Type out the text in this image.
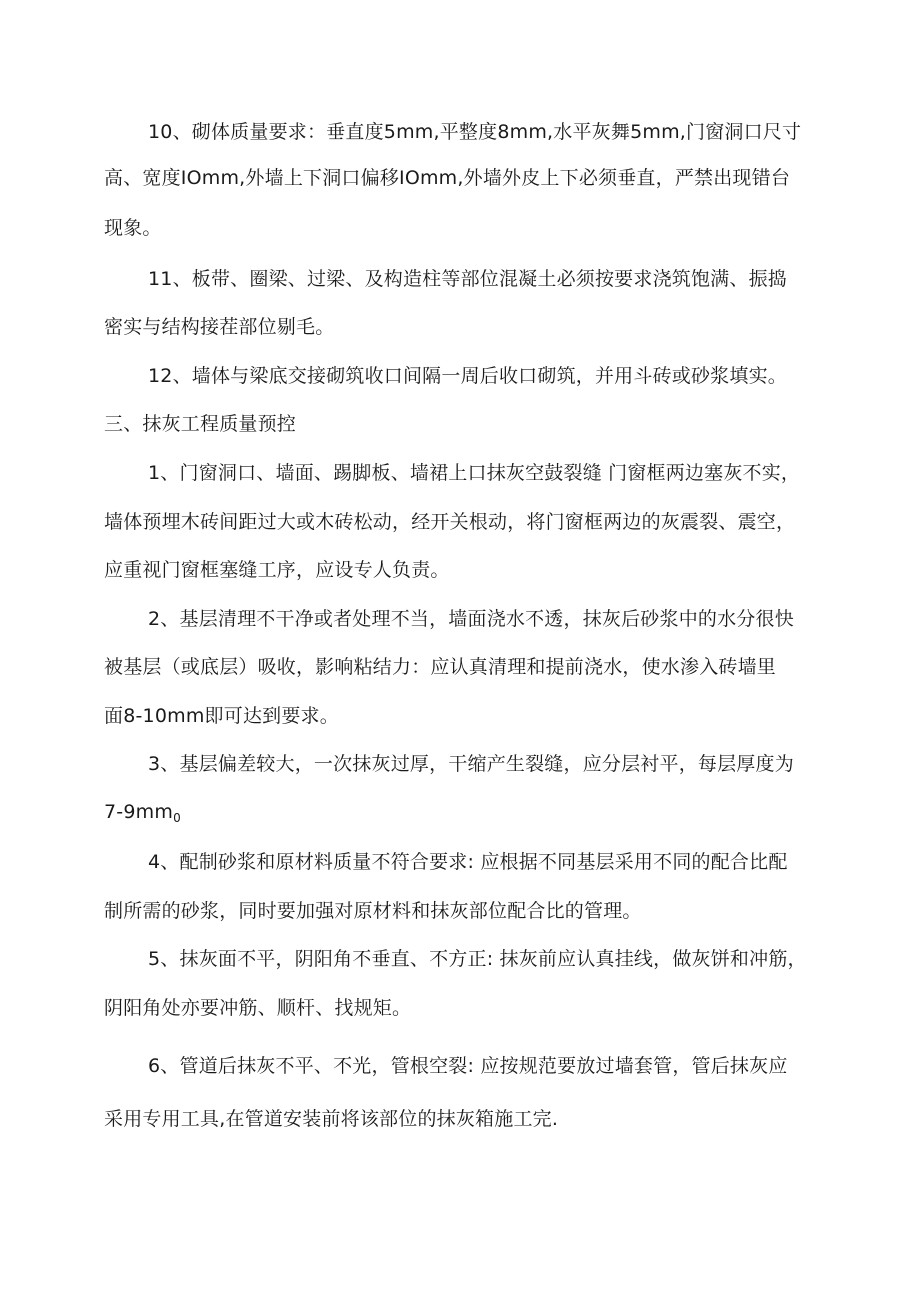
10、砌体质量要求：垂直度5mm,平整度8mm,水平灰舞5mm,门窗洞口尺寸
高、宽度IOmm,外墙上下洞口偏移IOmm,外墙外皮上下必须垂直，严禁出现错台
现象。
11、板带、圈梁、过梁、及构造柱等部位混凝土必须按要求浇筑饱满、振捣
密实与结构接茬部位剔毛。
12、墙体与梁底交接砌筑收口间隔一周后收口砌筑，并用斗砖或砂浆填实。
三、抹灰工程质量预控
1、门窗洞口、墙面、踢脚板、墙裙上口抹灰空鼓裂缝 门窗框两边塞灰不实，
墙体预埋木砖间距过大或木砖松动，经开关根动，将门窗框两边的灰震裂、震空，
应重视门窗框塞缝工序，应设专人负责。
2、基层清理不干净或者处理不当，墙面浇水不透，抹灰后砂浆中的水分很快
被基层（或底层）吸收，影响粘结力：应认真清理和提前浇水，使水渗入砖墙里
面8-10mm即可达到要求。
3、基层偏差较大，一次抹灰过厚，干缩产生裂缝，应分层衬平，每层厚度为
$7-9mm_0$
4、配制砂浆和原材料质量不符合要求: 应根据不同基层采用不同的配合比配
制所需的砂浆，同时要加强对原材料和抹灰部位配合比的管理。
5、抹灰面不平，阴阳角不垂直、不方正: 抹灰前应认真挂线，做灰饼和冲筋，
阴阳角处亦要冲筋、顺杆、找规矩。
6、管道后抹灰不平、不光，管根空裂: 应按规范要放过墙套管，管后抹灰应
采用专用工具,在管道安装前将该部位的抹灰箱施工完.
